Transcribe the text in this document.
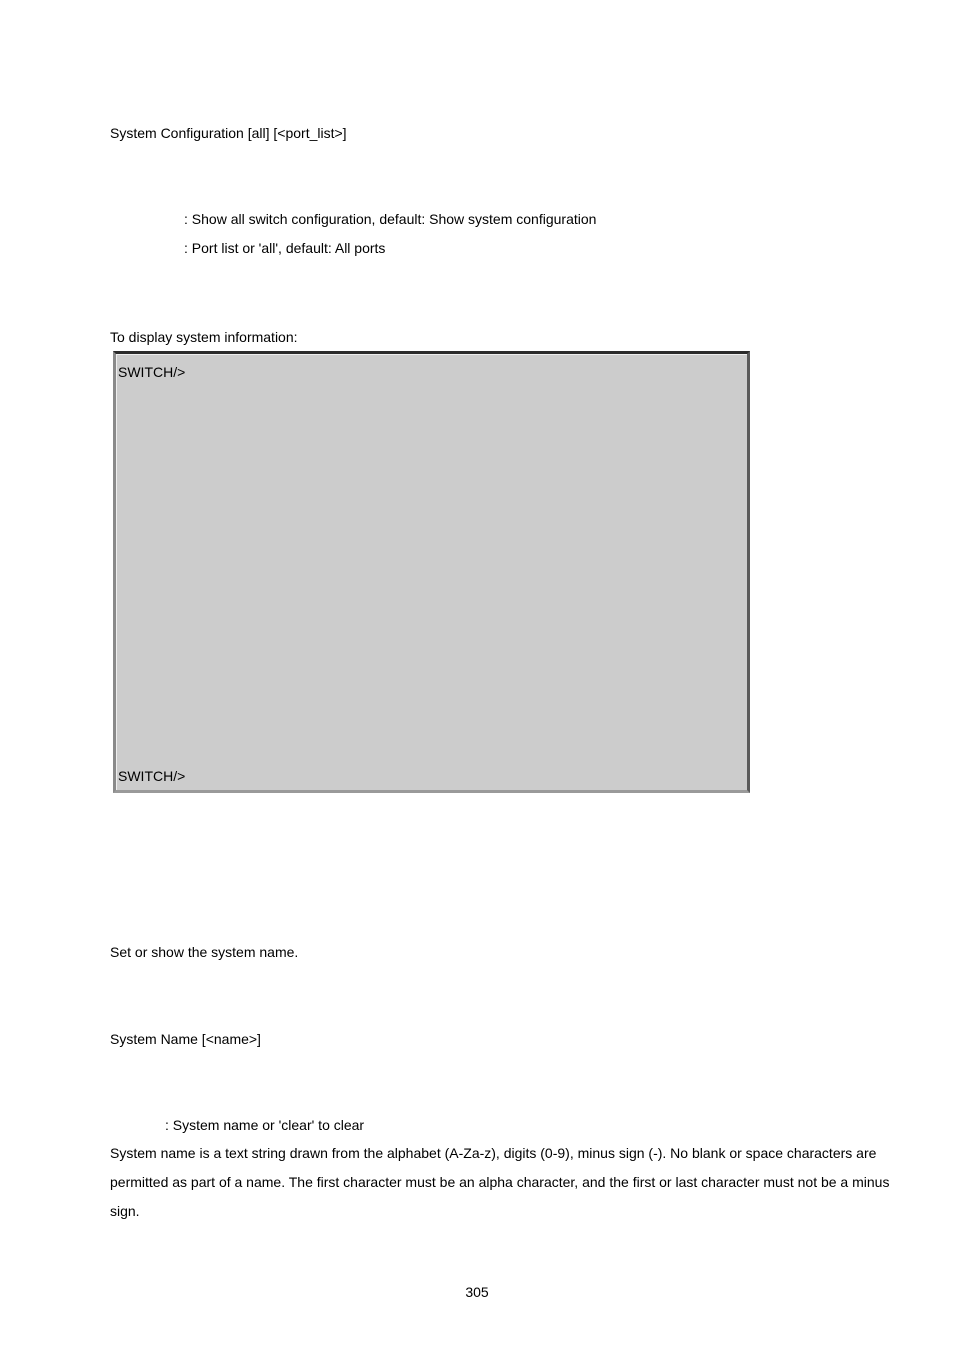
System Configuration [all] [<port_list>]
: Show all switch configuration, default: Show system configuration
: Port list or 'all', default: All ports
To display system information:
SWITCH/>
SWITCH/>
Set or show the system name.
System Name [<name>]
: System name or 'clear' to clear
System name is a text string drawn from the alphabet (A-Za-z), digits (0-9), minus sign (-). No blank or space characters are permitted as part of a name. The first character must be an alpha character, and the first or last character must not be a minus sign.
305
